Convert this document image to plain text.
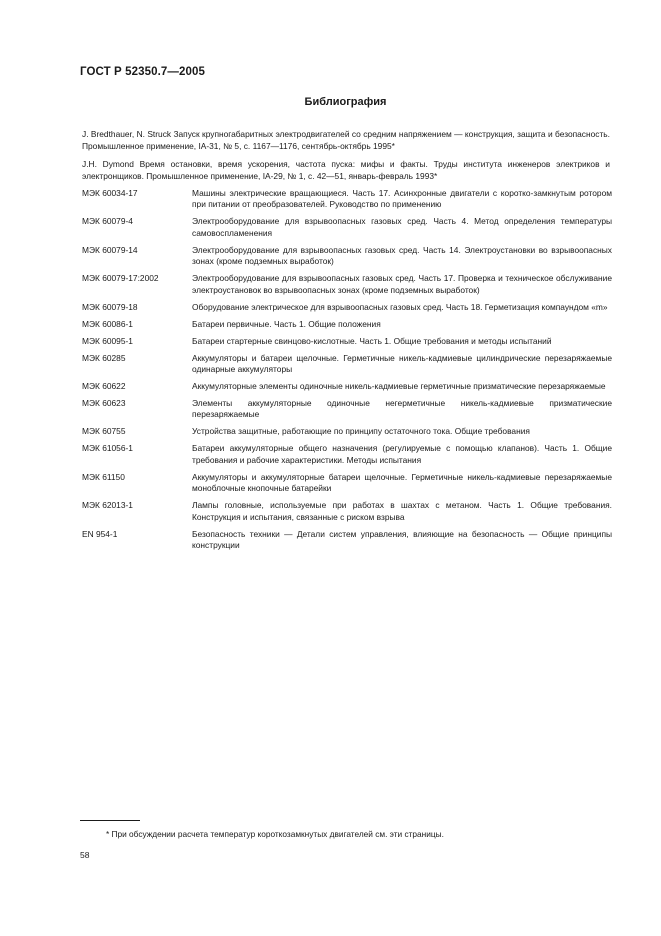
ГОСТ Р 52350.7—2005
Библиография
J. Bredthauer, N. Struck Запуск крупногабаритных электродвигателей со средним напряжением — конструкция, защита и безопасность. Промышленное применение, IA-31, № 5, с. 1167—1176, сентябрь-октябрь 1995*
J.H. Dymond Время остановки, время ускорения, частота пуска: мифы и факты. Труды института инженеров электриков и электронщиков. Промышленное применение, IA-29, № 1, с. 42—51, январь-февраль 1993*
МЭК 60034-17	Машины электрические вращающиеся. Часть 17. Асинхронные двигатели с коротко-замкнутым ротором при питании от преобразователей. Руководство по применению
МЭК 60079-4	Электрооборудование для взрывоопасных газовых сред. Часть 4. Метод определения температуры самовоспламенения
МЭК 60079-14	Электрооборудование для взрывоопасных газовых сред. Часть 14. Электроустановки во взрывоопасных зонах (кроме подземных выработок)
МЭК 60079-17:2002	Электрооборудование для взрывоопасных газовых сред. Часть 17. Проверка и техническое обслуживание электроустановок во взрывоопасных зонах (кроме подземных выработок)
МЭК 60079-18	Оборудование электрическое для взрывоопасных газовых сред. Часть 18. Герметизация компаундом «m»
МЭК 60086-1	Батареи первичные. Часть 1. Общие положения
МЭК 60095-1	Батареи стартерные свинцово-кислотные. Часть 1. Общие требования и методы испытаний
МЭК 60285	Аккумуляторы и батареи щелочные. Герметичные никель-кадмиевые цилиндрические перезаряжаемые одинарные аккумуляторы
МЭК 60622	Аккумуляторные элементы одиночные никель-кадмиевые герметичные призматические перезаряжаемые
МЭК 60623	Элементы аккумуляторные одиночные негерметичные никель-кадмиевые призматические перезаряжаемые
МЭК 60755	Устройства защитные, работающие по принципу остаточного тока. Общие требования
МЭК 61056-1	Батареи аккумуляторные общего назначения (регулируемые с помощью клапанов). Часть 1. Общие требования и рабочие характеристики. Методы испытания
МЭК 61150	Аккумуляторы и аккумуляторные батареи щелочные. Герметичные никель-кадмиевые перезаряжаемые моноблочные кнопочные батарейки
МЭК 62013-1	Лампы головные, используемые при работах в шахтах с метаном. Часть 1. Общие требования. Конструкция и испытания, связанные с риском взрыва
EN 954-1	Безопасность техники — Детали систем управления, влияющие на безопасность — Общие принципы конструкции
* При обсуждении расчета температур короткозамкнутых двигателей см. эти страницы.
58
